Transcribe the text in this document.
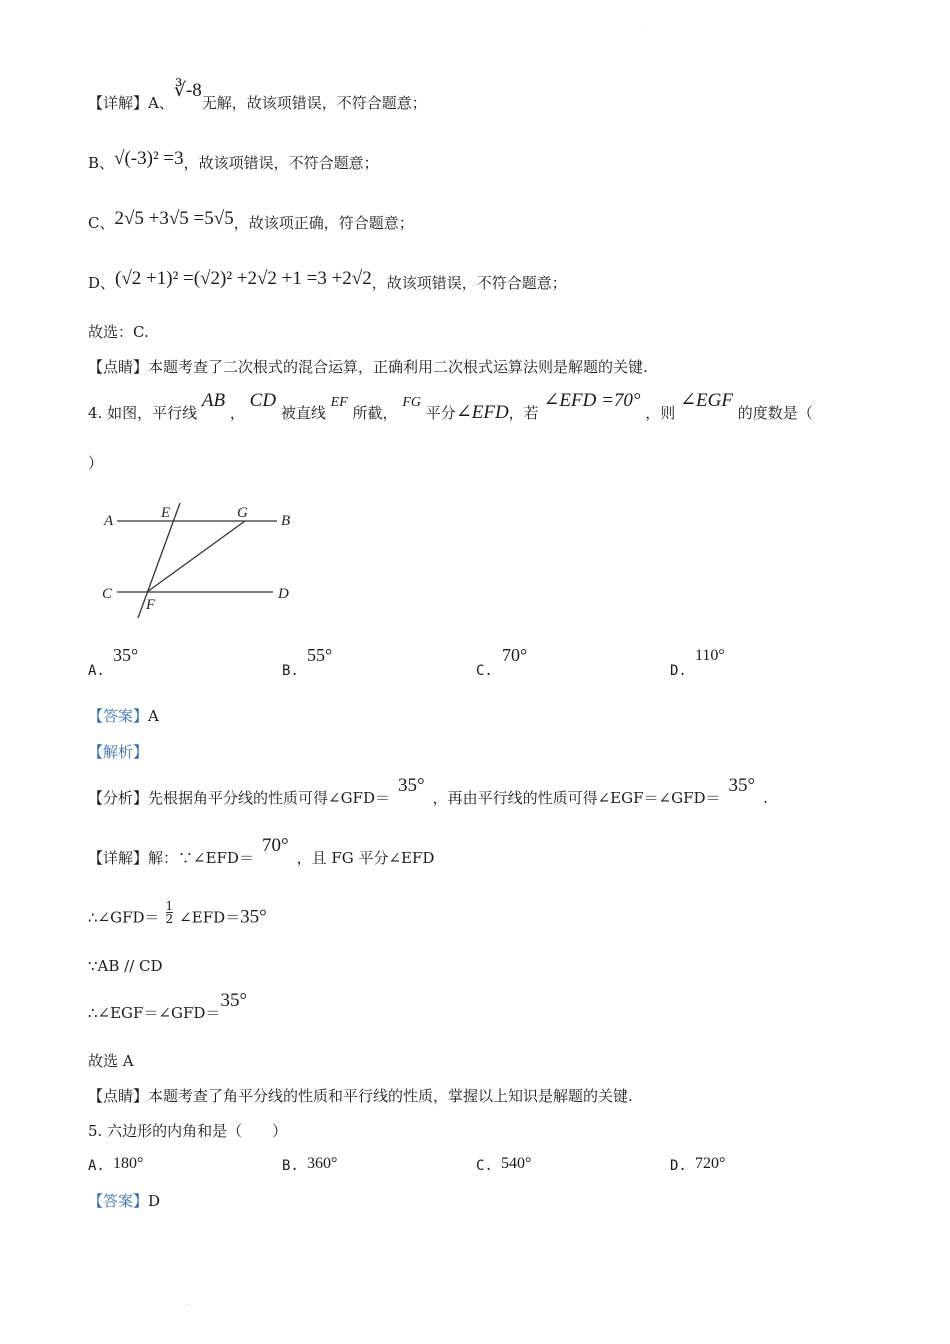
.
【详解】A、∛-8无解，故该项错误，不符合题意；
B、√(-3)² =3，故该项错误，不符合题意；
C、2√5 +3√5 =5√5，故该项正确，符合题意；
D、(√2 +1)² =(√2)² +2√2 +1 =3 +2√2，故该项错误，不符合题意；
故选：C.
【点睛】本题考查了二次根式的混合运算，正确利用二次根式运算法则是解题的关键.
4. 如图，平行线 AB ， CD 被直线 EF 所截， FG 平分∠EFD，若 ∠EFD =70° ，则 ∠EGF 的度数是（
）
A	E	G B
C
F
D
A.
35°
B.
55°
C.
70°
D.
110°
【答案】A
【解析】
【分析】先根据角平分线的性质可得∠GFD＝35°，再由平行线的性质可得∠EGF＝∠GFD＝35°.
【详解】解：∵∠EFD＝70°，且 FG 平分∠EFD
∴∠GFD＝ $\frac{1}{2}$ ∠EFD＝35°
∵AB // CD
∴∠EGF＝∠GFD＝35°
故选 A
【点睛】本题考查了角平分线的性质和平行线的性质，掌握以上知识是解题的关键.
5. 六边形的内角和是（　　）
A. 180°	B. 360°	C. 540°	D. 720°
【答案】D
.
